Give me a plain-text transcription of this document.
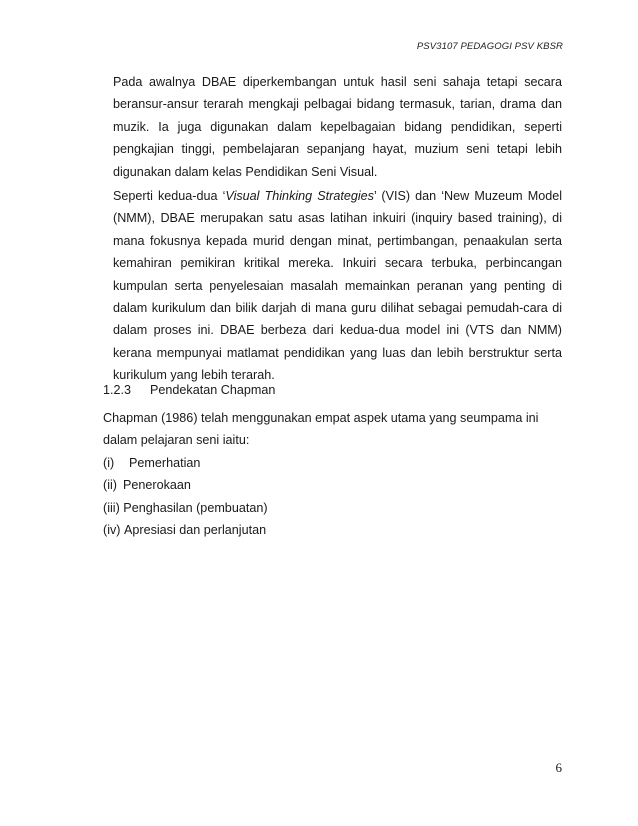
PSV3107 PEDAGOGI PSV KBSR

Pada awalnya DBAE diperkembangan untuk hasil seni sahaja tetapi secara beransur-ansur terarah mengkaji pelbagai bidang termasuk, tarian, drama dan muzik. Ia juga digunakan dalam kepelbagaian bidang pendidikan, seperti pengkajian tinggi, pembelajaran sepanjang hayat, muzium seni tetapi lebih digunakan dalam kelas Pendidikan Seni Visual.

Seperti kedua-dua ‘Visual Thinking Strategies’ (VIS) dan ‘New Muzeum Model (NMM), DBAE merupakan satu asas latihan inkuiri (inquiry based training), di mana fokusnya kepada murid dengan minat, pertimbangan, penaakulan serta kemahiran pemikiran kritikal mereka. Inkuiri secara terbuka, perbincangan kumpulan serta penyelesaian masalah memainkan peranan yang penting di dalam kurikulum dan bilik darjah di mana guru dilihat sebagai pemudah-cara di dalam proses ini. DBAE berbeza dari kedua-dua model ini (VTS dan NMM) kerana mempunyai matlamat pendidikan yang luas dan lebih berstruktur serta kurikulum yang lebih terarah.

1.2.3	Pendekatan Chapman

Chapman (1986) telah menggunakan empat aspek utama yang seumpama ini dalam pelajaran seni iaitu:

(i)	Pemerhatian
(ii) Penerokaan
(iii)
Penghasilan (pembuatan)
(iv)
Apresiasi dan perlanjutan
6
